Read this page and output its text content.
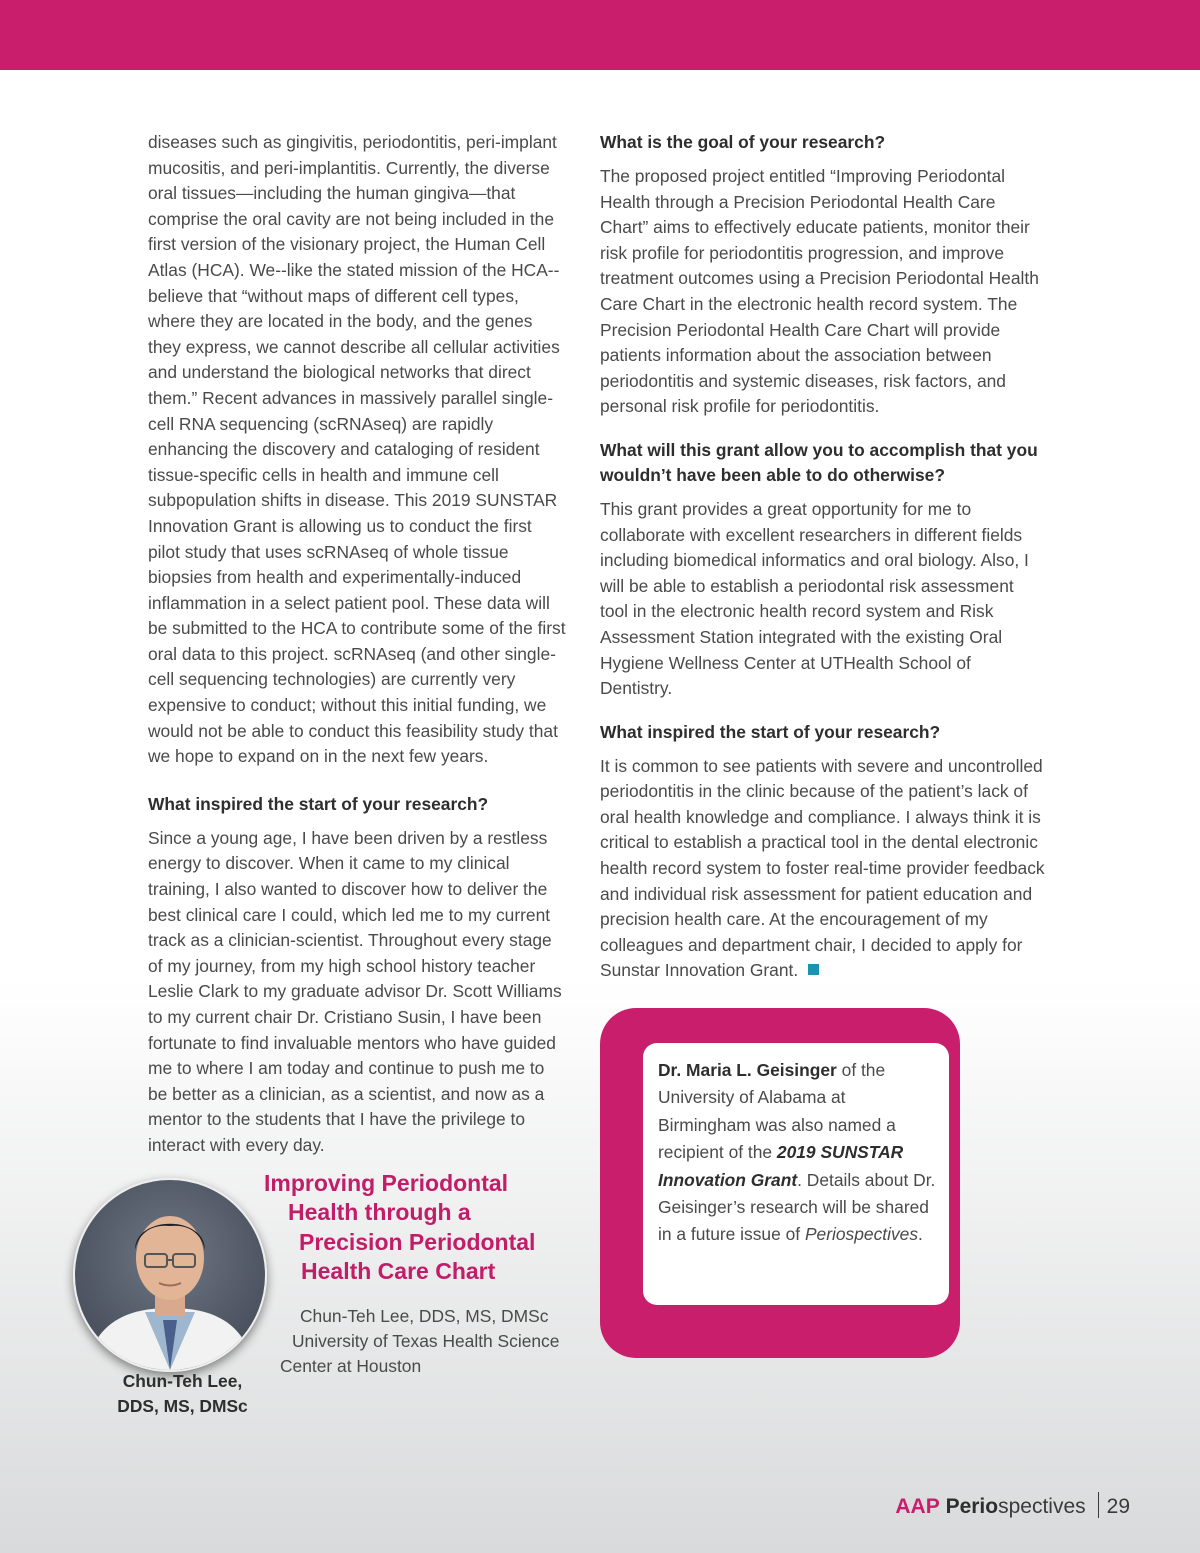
diseases such as gingivitis, periodontitis, peri-implant mucositis, and peri-implantitis. Currently, the diverse oral tissues—including the human gingiva—that comprise the oral cavity are not being included in the first version of the visionary project, the Human Cell Atlas (HCA). We--like the stated mission of the HCA--believe that “without maps of different cell types, where they are located in the body, and the genes they express, we cannot describe all cellular activities and understand the biological networks that direct them.” Recent advances in massively parallel single-cell RNA sequencing (scRNAseq) are rapidly enhancing the discovery and cataloging of resident tissue-specific cells in health and immune cell subpopulation shifts in disease. This 2019 SUNSTAR Innovation Grant is allowing us to conduct the first pilot study that uses scRNAseq of whole tissue biopsies from health and experimentally-induced inflammation in a select patient pool. These data will be submitted to the HCA to contribute some of the first oral data to this project. scRNAseq (and other single-cell sequencing technologies) are currently very expensive to conduct; without this initial funding, we would not be able to conduct this feasibility study that we hope to expand on in the next few years.

What inspired the start of your research?

Since a young age, I have been driven by a restless energy to discover. When it came to my clinical training, I also wanted to discover how to deliver the best clinical care I could, which led me to my current track as a clinician-scientist. Throughout every stage of my journey, from my high school history teacher Leslie Clark to my graduate advisor Dr. Scott Williams to my current chair Dr. Cristiano Susin, I have been fortunate to find invaluable mentors who have guided me to where I am today and continue to push me to be better as a clinician, as a scientist, and now as a mentor to the students that I have the privilege to interact with every day.

What is the goal of your research?

The proposed project entitled “Improving Periodontal Health through a Precision Periodontal Health Care Chart” aims to effectively educate patients, monitor their risk profile for periodontitis progression, and improve treatment outcomes using a Precision Periodontal Health Care Chart in the electronic health record system. The Precision Periodontal Health Care Chart will provide patients information about the association between periodontitis and systemic diseases, risk factors, and personal risk profile for periodontitis.

What will this grant allow you to accomplish that you wouldn’t have been able to do otherwise?

This grant provides a great opportunity for me to collaborate with excellent researchers in different fields including biomedical informatics and oral biology. Also, I will be able to establish a periodontal risk assessment tool in the electronic health record system and Risk Assessment Station integrated with the existing Oral Hygiene Wellness Center at UTHealth School of Dentistry.

What inspired the start of your research?

It is common to see patients with severe and uncontrolled periodontitis in the clinic because of the patient’s lack of oral health knowledge and compliance. I always think it is critical to establish a practical tool in the dental electronic health record system to foster real-time provider feedback and individual risk assessment for patient education and precision health care. At the encouragement of my colleagues and department chair, I decided to apply for Sunstar Innovation Grant.

Chun-Teh Lee,
DDS, MS, DMSc
Improving Periodontal
Health through a
Precision Periodontal
Health Care Chart
Chun-Teh Lee, DDS, MS, DMSc
University of Texas Health Science
Center at Houston

Dr. Maria L. Geisinger of the University of Alabama at Birmingham was also named a recipient of the 2019 SUNSTAR Innovation Grant. Details about Dr. Geisinger’s research will be shared in a future issue of Periospectives.

AAP Periospectives 29
